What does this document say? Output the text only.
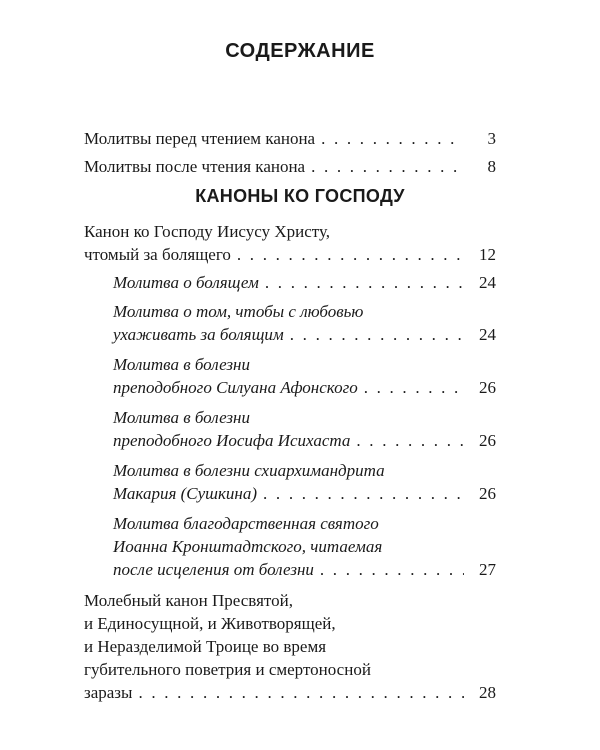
СОДЕРЖАНИЕ
Молитвы перед чтением канона . . .	3
Молитвы после чтения канона . . .	8
КАНОНЫ КО ГОСПОДУ
Канон ко Господу Иисусу Христу,
чтомый за болящего . . .	12
Молитва о болящем . . .	24
Молитва о том, чтобы с любовью
ухаживать за болящим . . .	24
Молитва в болезни
преподобного Силуана Афонского . . .	26
Молитва в болезни
преподобного Иосифа Исихаста . . .	26
Молитва в болезни схиархимандрита
Макария (Сушкина) . . .	26
Молитва благодарственная святого
Иоанна Кронштадтского, читаемая
после исцеления от болезни . . .	27
Молебный канон Пресвятой,
и Единосущной, и Животворящей,
и Неразделимой Троице во время
губительного поветрия и смертоносной
заразы . . .	28
